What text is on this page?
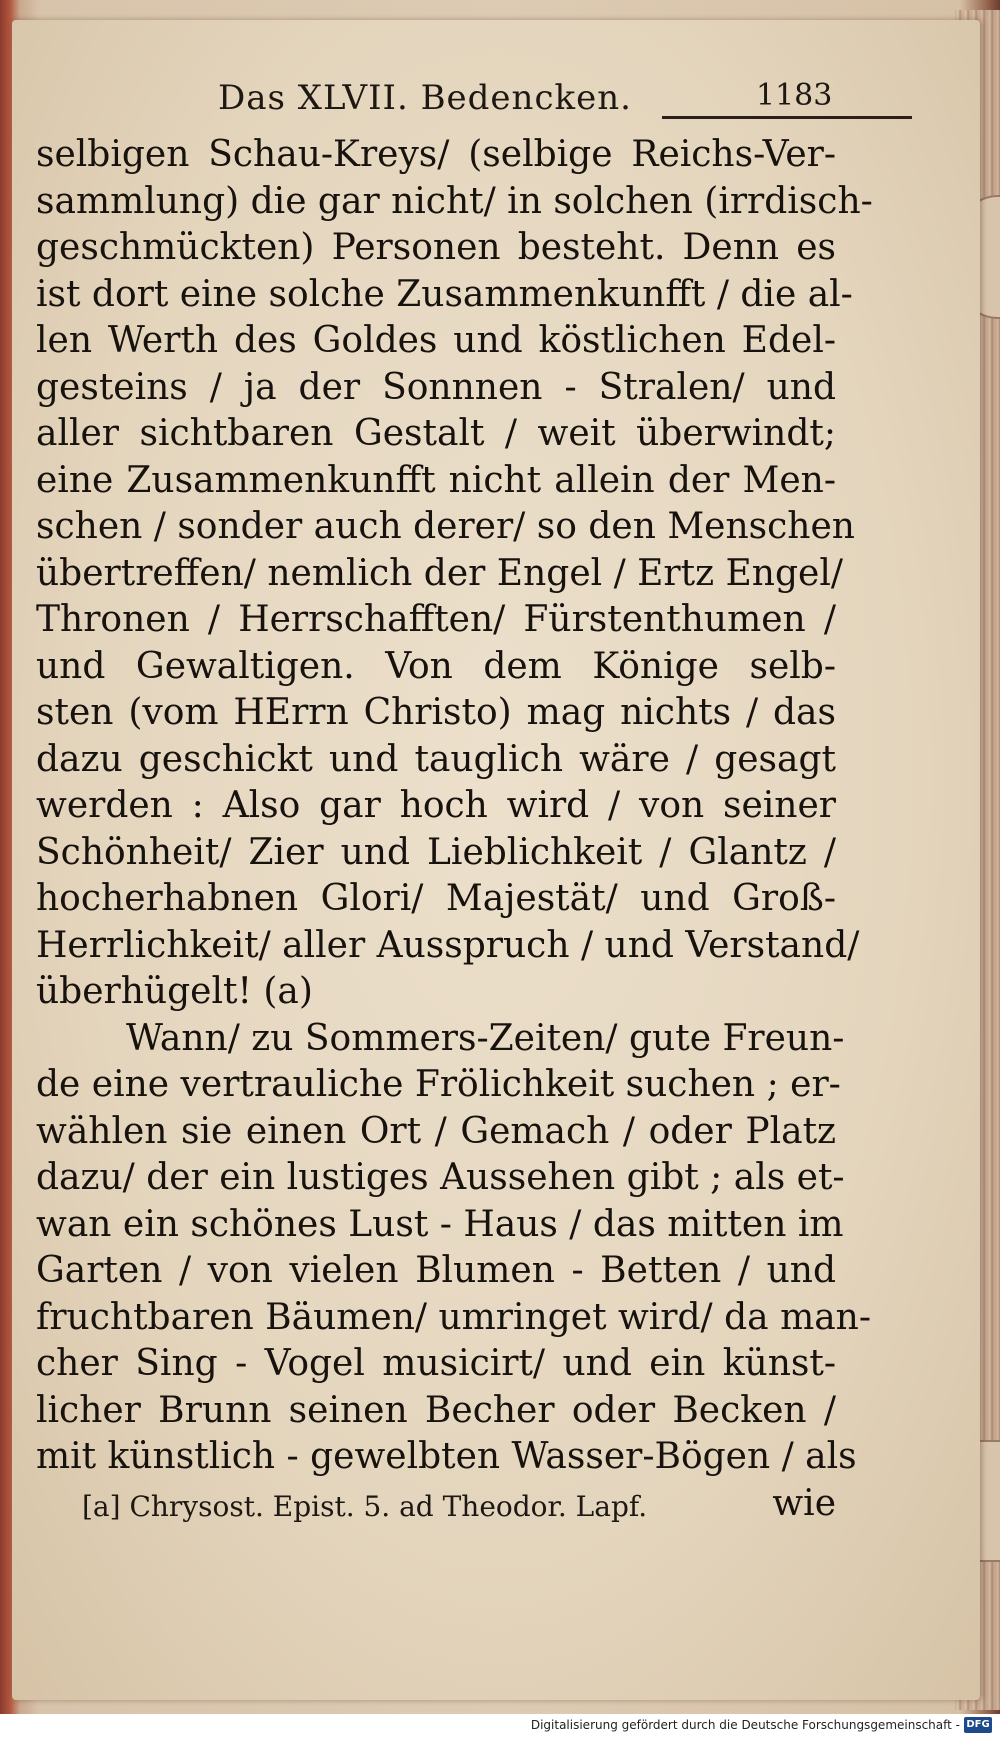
Das XLVII. Bedencken.	1183
selbigen Schau-Kreys/ (selbige Reichs-Ver-
sammlung) die gar nicht/ in solchen (irrdisch-
geschmückten) Personen besteht. Denn es
ist dort eine solche Zusammenkunfft / die al-
len Werth des Goldes und köstlichen Edel-
gesteins / ja der Sonnnen - Stralen/ und
aller sichtbaren Gestalt / weit überwindt;
eine Zusammenkunfft nicht allein der Men-
schen / sonder auch derer/ so den Menschen
übertreffen/ nemlich der Engel / Ertz Engel/
Thronen / Herrschafften/ Fürstenthumen /
und Gewaltigen. Von dem Könige selb-
sten (vom HErrn Christo) mag nichts / das
dazu geschickt und tauglich wäre / gesagt
werden : Also gar hoch wird / von seiner
Schönheit/ Zier und Lieblichkeit / Glantz /
hocherhabnen Glori/ Majestät/ und Groß-
Herrlichkeit/ aller Ausspruch / und Verstand/
überhügelt! (a)
Wann/ zu Sommers-Zeiten/ gute Freun-
de eine vertrauliche Frölichkeit suchen ; er-
wählen sie einen Ort / Gemach / oder Platz
dazu/ der ein lustiges Aussehen gibt ; als et-
wan ein schönes Lust - Haus / das mitten im
Garten / von vielen Blumen - Betten / und
fruchtbaren Bäumen/ umringet wird/ da man-
cher Sing - Vogel musicirt/ und ein künst-
licher Brunn seinen Becher oder Becken /
mit künstlich - gewelbten Wasser-Bögen / als
wie
[a] Chrysost. Epist. 5. ad Theodor. Lapf.
Digitalisierung gefördert durch die Deutsche Forschungsgemeinschaft - DFG
